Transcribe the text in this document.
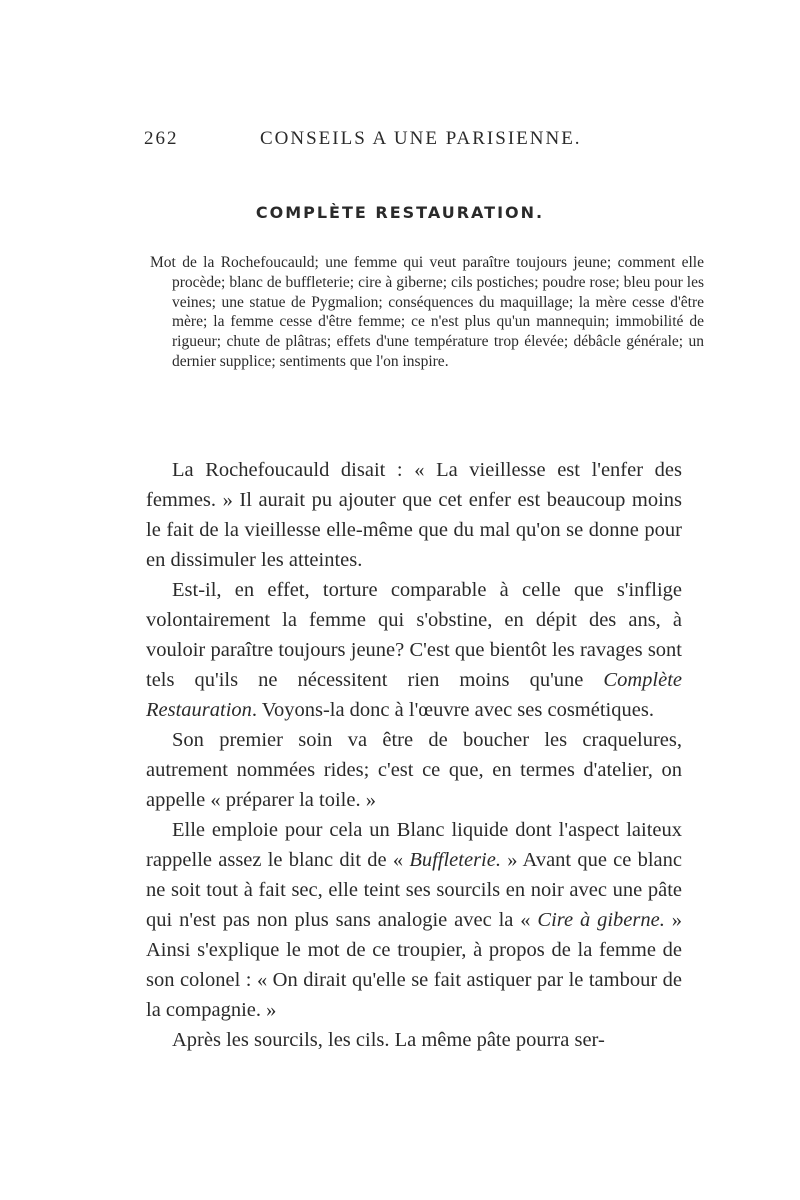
262	CONSEILS A UNE PARISIENNE.
COMPLÈTE RESTAURATION.

Mot de la Rochefoucauld; une femme qui veut paraître toujours jeune; comment elle procède; blanc de buffleterie; cire à giberne; cils postiches; poudre rose; bleu pour les veines; une statue de Pygmalion; conséquences du maquillage; la mère cesse d'être mère; la femme cesse d'être femme; ce n'est plus qu'un mannequin; immobilité de rigueur; chute de plâtras; effets d'une température trop élevée; débâcle générale; un dernier supplice; sentiments que l'on inspire.

La Rochefoucauld disait : « La vieillesse est l'enfer des femmes. » Il aurait pu ajouter que cet enfer est beaucoup moins le fait de la vieillesse elle-même que du mal qu'on se donne pour en dissimuler les atteintes.

Est-il, en effet, torture comparable à celle que s'inflige volontairement la femme qui s'obstine, en dépit des ans, à vouloir paraître toujours jeune? C'est que bientôt les ravages sont tels qu'ils ne nécessitent rien moins qu'une Complète Restauration. Voyons-la donc à l'œuvre avec ses cosmétiques.

Son premier soin va être de boucher les craquelures, autrement nommées rides; c'est ce que, en termes d'atelier, on appelle « préparer la toile. »

Elle emploie pour cela un Blanc liquide dont l'aspect laiteux rappelle assez le blanc dit de « Buffleterie. » Avant que ce blanc ne soit tout à fait sec, elle teint ses sourcils en noir avec une pâte qui n'est pas non plus sans analogie avec la « Cire à giberne. » Ainsi s'explique le mot de ce troupier, à propos de la femme de son colonel : « On dirait qu'elle se fait astiquer par le tambour de la compagnie. »

Après les sourcils, les cils. La même pâte pourra ser-
